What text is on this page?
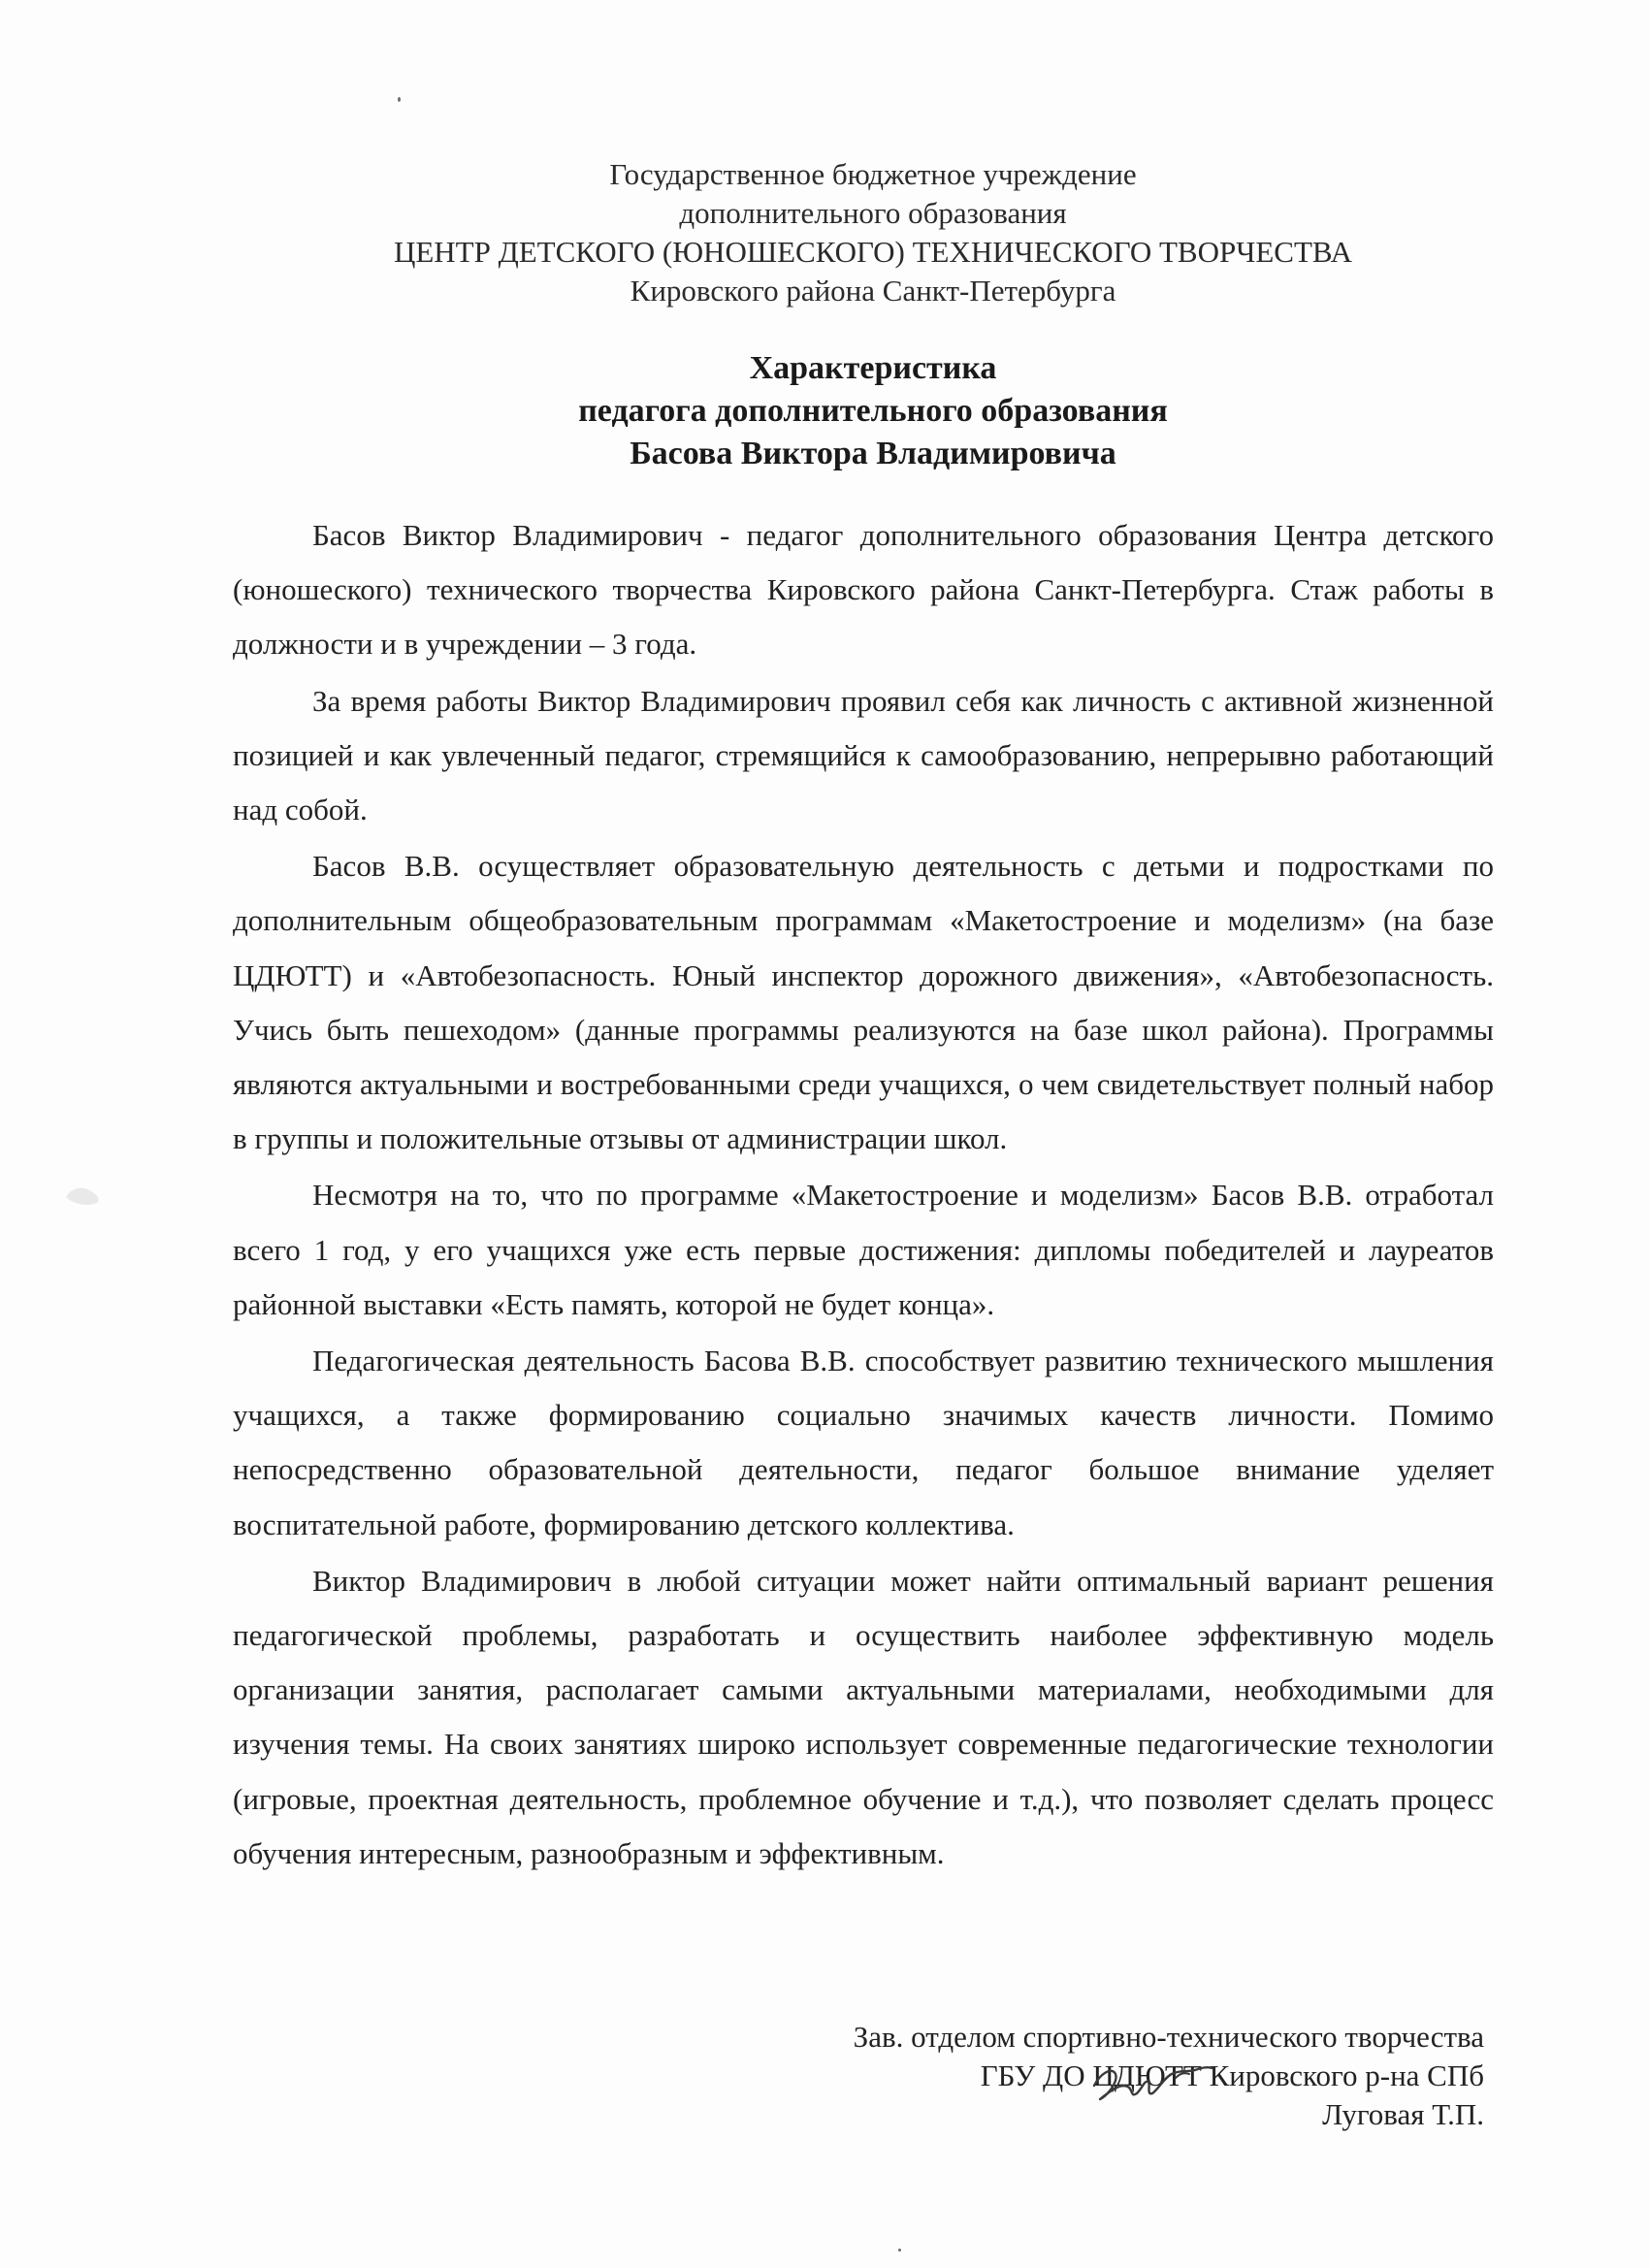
Государственное бюджетное учреждение
дополнительного образования
ЦЕНТР ДЕТСКОГО (ЮНОШЕСКОГО) ТЕХНИЧЕСКОГО ТВОРЧЕСТВА
Кировского района Санкт-Петербурга
Характеристика
педагога дополнительного образования
Басова Виктора Владимировича

Басов Виктор Владимирович - педагог дополнительного образования Центра детского (юношеского) технического творчества Кировского района Санкт-Петербурга. Стаж работы в должности и в учреждении – 3 года.

За время работы Виктор Владимирович проявил себя как личность с активной жизненной позицией и как увлеченный педагог, стремящийся к самообразованию, непрерывно работающий над собой.

Басов В.В. осуществляет образовательную деятельность с детьми и подростками по дополнительным общеобразовательным программам «Макетостроение и моделизм» (на базе ЦДЮТТ) и «Автобезопасность. Юный инспектор дорожного движения», «Автобезопасность. Учись быть пешеходом» (данные программы реализуются на базе школ района). Программы являются актуальными и востребованными среди учащихся, о чем свидетельствует полный набор в группы и положительные отзывы от администрации школ.

Несмотря на то, что по программе «Макетостроение и моделизм» Басов В.В. отработал всего 1 год, у его учащихся уже есть первые достижения: дипломы победителей и лауреатов районной выставки «Есть память, которой не будет конца».

Педагогическая деятельность Басова В.В. способствует развитию технического мышления учащихся, а также формированию социально значимых качеств личности. Помимо непосредственно образовательной деятельности, педагог большое внимание уделяет воспитательной работе, формированию детского коллектива.

Виктор Владимирович в любой ситуации может найти оптимальный вариант решения педагогической проблемы, разработать и осуществить наиболее эффективную модель организации занятия, располагает самыми актуальными материалами, необходимыми для изучения темы. На своих занятиях широко использует современные педагогические технологии (игровые, проектная деятельность, проблемное обучение и т.д.), что позволяет сделать процесс обучения интересным, разнообразным и эффективным.

Зав. отделом спортивно-технического творчества
ГБУ ДО ЦДЮТТ Кировского р-на СПб
Луговая Т.П.
